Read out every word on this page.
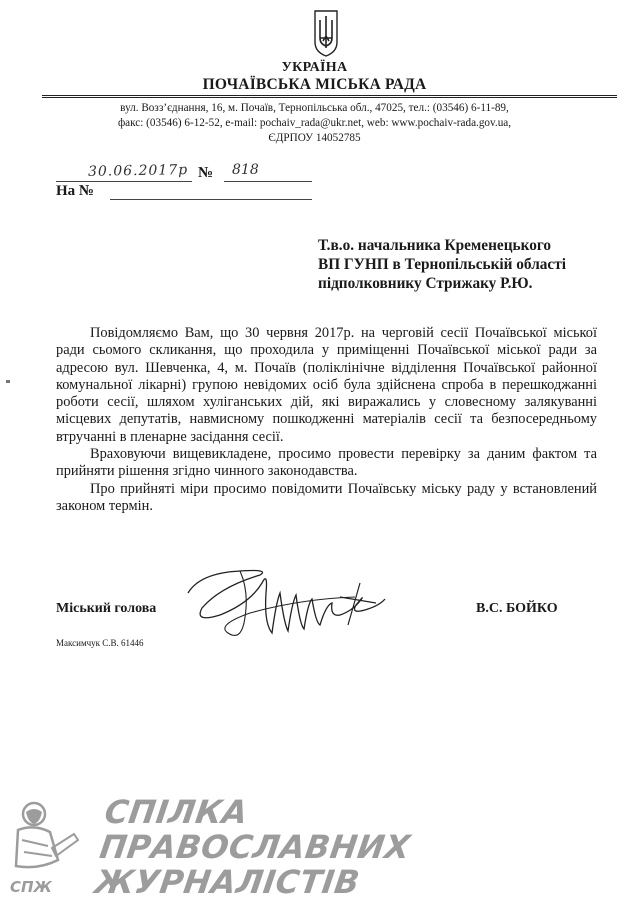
УКРАЇНА
ПОЧАЇВСЬКА МІСЬКА РАДА
вул. Возз’єднання, 16, м. Почаїв, Тернопільська обл., 47025, тел.: (03546) 6-11-89,
факс: (03546) 6-12-52, e-mail: pochaiv_rada@ukr.net, web: www.pochaiv-rada.gov.ua,
ЄДРПОУ 14052785
30.06.2017р № 818
На №
Т.в.о. начальника Кременецького
ВП ГУНП в Тернопільській області
підполковнику Стрижаку Р.Ю.

Повідомляємо Вам, що 30 червня 2017р. на черговій сесії Почаївської міської ради сьомого скликання, що проходила у приміщенні Почаївської міської ради за адресою вул. Шевченка, 4, м. Почаїв (поліклінічне відділення Почаївської районної комунальної лікарні) групою невідомих осіб була здійснена спроба в перешкоджанні роботи сесії, шляхом хуліганських дій, які виражались у словесному залякуванні місцевих депутатів, навмисному пошкодженні матеріалів сесії та безпосередньому втручанні в пленарне засідання сесії.

Враховуючи вищевикладене, просимо провести перевірку за даним фактом та прийняти рішення згідно чинного законодавства.

Про прийняті міри просимо повідомити Почаївську міську раду у встановлений законом термін.

Міський голова	В.С. БОЙКО
Максимчук С.В. 61446
СПІЛКА
ПРАВОСЛАВНИХ
ЖУРНАЛІСТІВ
СПЖ
